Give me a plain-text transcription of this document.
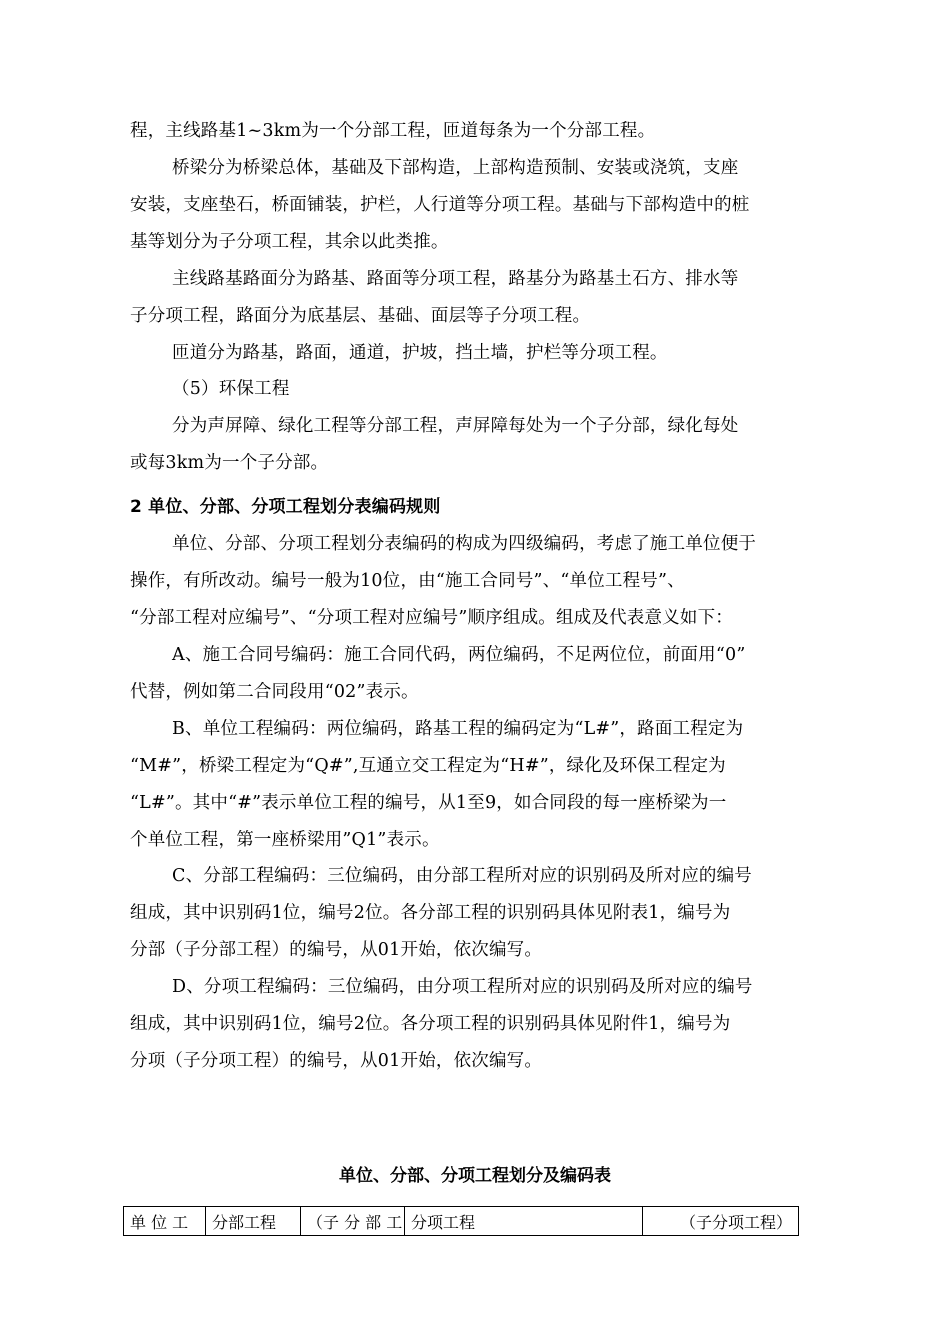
程，主线路基1~3km为一个分部工程，匝道每条为一个分部工程。
桥梁分为桥梁总体，基础及下部构造，上部构造预制、安装或浇筑，支座
安装，支座垫石，桥面铺装，护栏，人行道等分项工程。基础与下部构造中的桩
基等划分为子分项工程，其余以此类推。
主线路基路面分为路基、路面等分项工程，路基分为路基土石方、排水等
子分项工程，路面分为底基层、基础、面层等子分项工程。
匝道分为路基，路面，通道，护坡，挡土墙，护栏等分项工程。
（5）环保工程
分为声屏障、绿化工程等分部工程，声屏障每处为一个子分部，绿化每处
或每3km为一个子分部。
2 单位、分部、分项工程划分表编码规则
单位、分部、分项工程划分表编码的构成为四级编码，考虑了施工单位便于
操作，有所改动。编号一般为10位，由“施工合同号”、“单位工程号”、
“分部工程对应编号”、“分项工程对应编号”顺序组成。组成及代表意义如下：
A、施工合同号编码：施工合同代码，两位编码，不足两位位，前面用“0”
代替，例如第二合同段用“02”表示。
B、单位工程编码：两位编码，路基工程的编码定为“L#”，路面工程定为
“M#”，桥梁工程定为“Q#”,互通立交工程定为“H#”，绿化及环保工程定为
“L#”。其中“#”表示单位工程的编号，从1至9，如合同段的每一座桥梁为一
个单位工程，第一座桥梁用”Q1”表示。
C、分部工程编码：三位编码，由分部工程所对应的识别码及所对应的编号
组成，其中识别码1位，编号2位。各分部工程的识别码具体见附表1，编号为
分部（子分部工程）的编号，从01开始，依次编写。
D、分项工程编码：三位编码，由分项工程所对应的识别码及所对应的编号
组成，其中识别码1位，编号2位。各分项工程的识别码具体见附件1，编号为
分项（子分项工程）的编号，从01开始，依次编写。
单位、分部、分项工程划分及编码表
单 位 工	分部工程	（子 分 部 工	分项工程	（子分项工程）
